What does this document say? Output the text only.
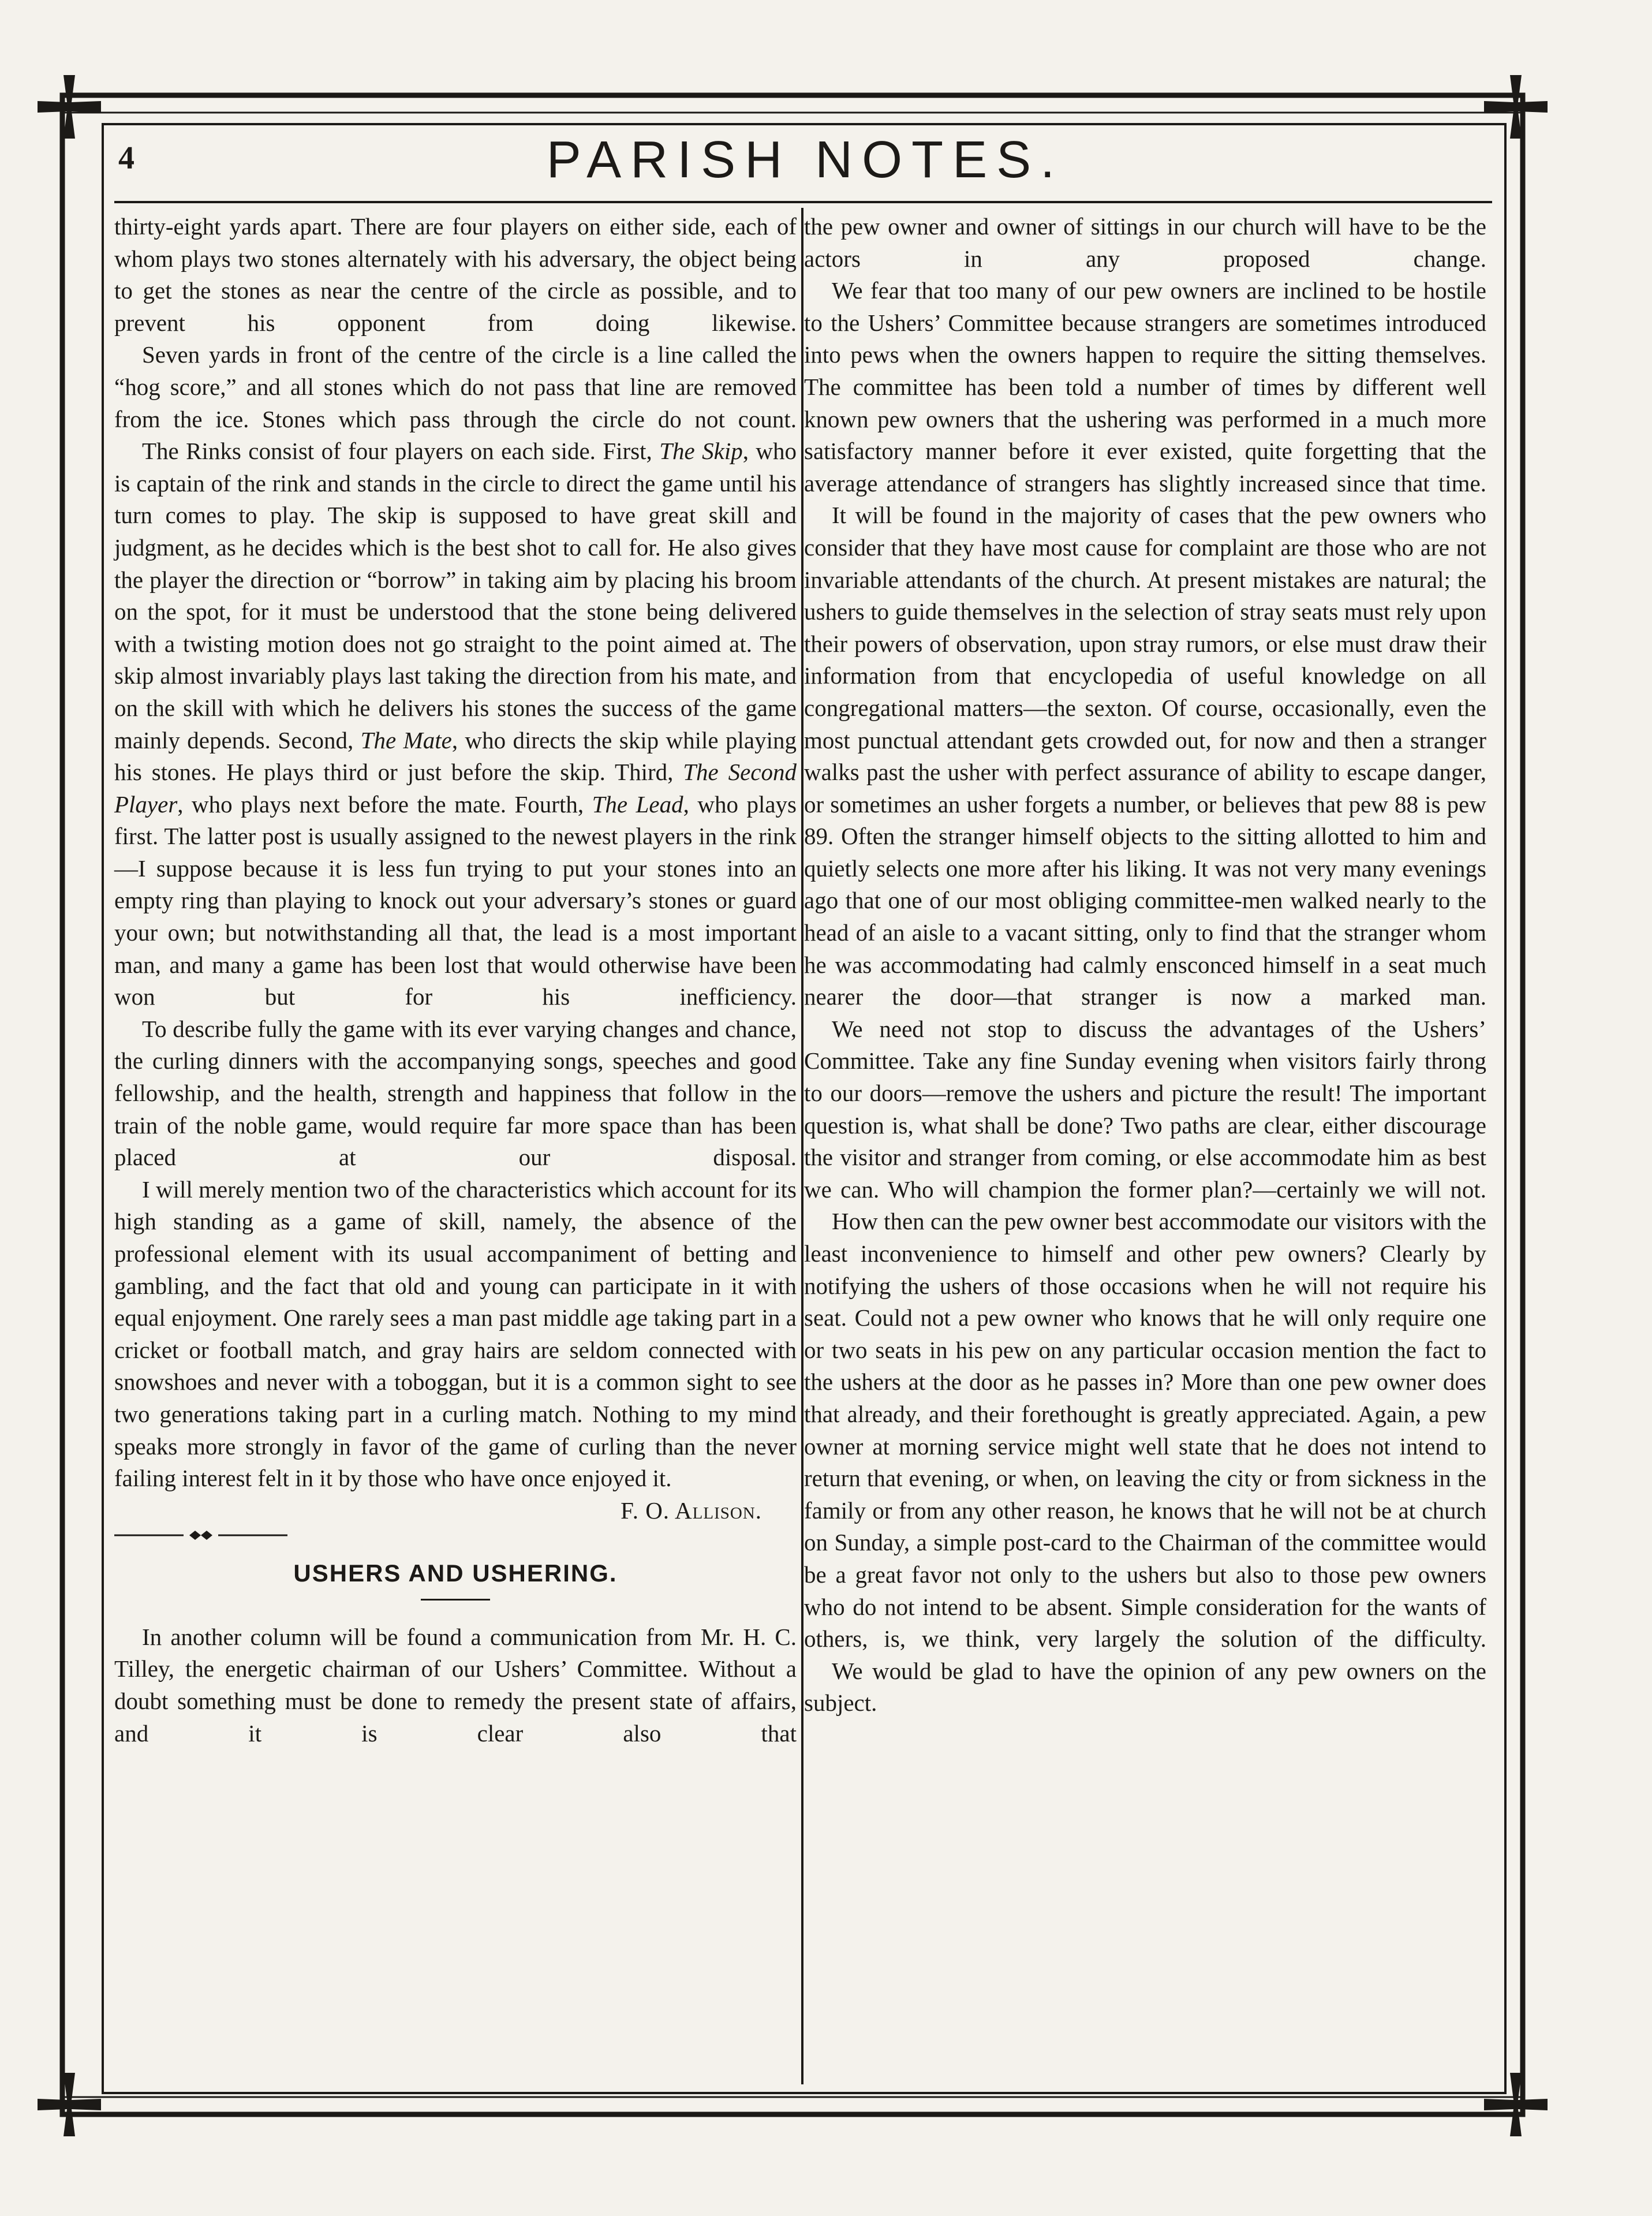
4	PARISH NOTES.

thirty-eight yards apart. There are four players on either side, each of whom plays two stones alternately with his adversary, the object being to get the stones as near the centre of the circle as possible, and to prevent his opponent from doing likewise.

Seven yards in front of the centre of the circle is a line called the “hog score,” and all stones which do not pass that line are removed from the ice. Stones which pass through the circle do not count.

The Rinks consist of four players on each side. First, The Skip, who is captain of the rink and stands in the circle to direct the game until his turn comes to play. The skip is supposed to have great skill and judgment, as he decides which is the best shot to call for. He also gives the player the direction or “borrow” in taking aim by placing his broom on the spot, for it must be understood that the stone being delivered with a twisting motion does not go straight to the point aimed at. The skip almost invariably plays last taking the direction from his mate, and on the skill with which he delivers his stones the success of the game mainly depends. Second, The Mate, who directs the skip while playing his stones. He plays third or just before the skip. Third, The Second Player, who plays next before the mate. Fourth, The Lead, who plays first. The latter post is usually assigned to the newest players in the rink—I suppose because it is less fun trying to put your stones into an empty ring than playing to knock out your adversary’s stones or guard your own; but notwithstanding all that, the lead is a most important man, and many a game has been lost that would otherwise have been won but for his inefficiency.

To describe fully the game with its ever varying changes and chance, the curling dinners with the accompanying songs, speeches and good fellowship, and the health, strength and happiness that follow in the train of the noble game, would require far more space than has been placed at our disposal.

I will merely mention two of the characteristics which account for its high standing as a game of skill, namely, the absence of the professional element with its usual accompaniment of betting and gambling, and the fact that old and young can participate in it with equal enjoyment. One rarely sees a man past middle age taking part in a cricket or football match, and gray hairs are seldom connected with snowshoes and never with a toboggan, but it is a common sight to see two generations taking part in a curling match. Nothing to my mind speaks more strongly in favor of the game of curling than the never failing interest felt in it by those who have once enjoyed it.
F. O. Allison.

USHERS AND USHERING.

In another column will be found a communication from Mr. H. C. Tilley, the energetic chairman of our Ushers’ Committee. Without a doubt something must be done to remedy the present state of affairs, and it is clear also that

the pew owner and owner of sittings in our church will have to be the actors in any proposed change.

We fear that too many of our pew owners are inclined to be hostile to the Ushers’ Committee because strangers are sometimes introduced into pews when the owners happen to require the sitting themselves. The committee has been told a number of times by different well known pew owners that the ushering was performed in a much more satisfactory manner before it ever existed, quite forgetting that the average attendance of strangers has slightly increased since that time.

It will be found in the majority of cases that the pew owners who consider that they have most cause for complaint are those who are not invariable attendants of the church. At present mistakes are natural; the ushers to guide themselves in the selection of stray seats must rely upon their powers of observation, upon stray rumors, or else must draw their information from that encyclopedia of useful knowledge on all congregational matters—the sexton. Of course, occasionally, even the most punctual attendant gets crowded out, for now and then a stranger walks past the usher with perfect assurance of ability to escape danger, or sometimes an usher forgets a number, or believes that pew 88 is pew 89. Often the stranger himself objects to the sitting allotted to him and quietly selects one more after his liking. It was not very many evenings ago that one of our most obliging committee-men walked nearly to the head of an aisle to a vacant sitting, only to find that the stranger whom he was accommodating had calmly ensconced himself in a seat much nearer the door—that stranger is now a marked man.

We need not stop to discuss the advantages of the Ushers’ Committee. Take any fine Sunday evening when visitors fairly throng to our doors—remove the ushers and picture the result! The important question is, what shall be done? Two paths are clear, either discourage the visitor and stranger from coming, or else accommodate him as best we can. Who will champion the former plan?—certainly we will not.

How then can the pew owner best accommodate our visitors with the least inconvenience to himself and other pew owners? Clearly by notifying the ushers of those occasions when he will not require his seat. Could not a pew owner who knows that he will only require one or two seats in his pew on any particular occasion mention the fact to the ushers at the door as he passes in? More than one pew owner does that already, and their forethought is greatly appreciated. Again, a pew owner at morning service might well state that he does not intend to return that evening, or when, on leaving the city or from sickness in the family or from any other reason, he knows that he will not be at church on Sunday, a simple post-card to the Chairman of the committee would be a great favor not only to the ushers but also to those pew owners who do not intend to be absent. Simple consideration for the wants of others, is, we think, very largely the solution of the difficulty.

We would be glad to have the opinion of any pew owners on the subject.
